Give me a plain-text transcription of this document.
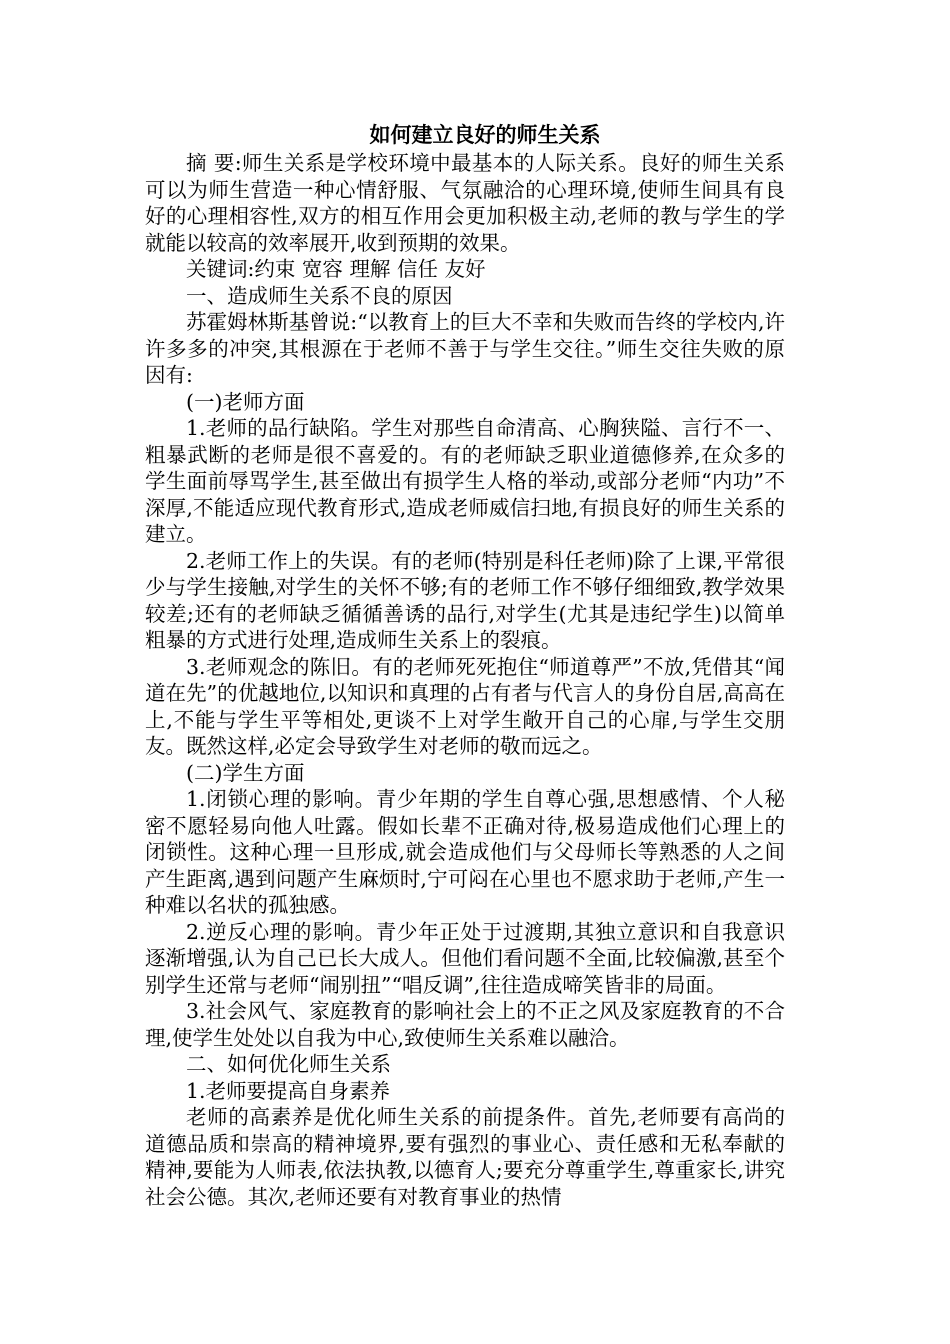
如何建立良好的师生关系

摘 要:师生关系是学校环境中最基本的人际关系。良好的师生关系可以为师生营造一种心情舒服、气氛融洽的心理环境,使师生间具有良好的心理相容性,双方的相互作用会更加积极主动,老师的教与学生的学就能以较高的效率展开,收到预期的效果。

关键词:约束 宽容 理解 信任 友好

一、造成师生关系不良的原因

苏霍姆林斯基曾说:“以教育上的巨大不幸和失败而告终的学校内,许许多多的冲突,其根源在于老师不善于与学生交往。”师生交往失败的原因有:

(一)老师方面

1.老师的品行缺陷。学生对那些自命清高、心胸狭隘、言行不一、粗暴武断的老师是很不喜爱的。有的老师缺乏职业道德修养,在众多的学生面前辱骂学生,甚至做出有损学生人格的举动,或部分老师“内功”不深厚,不能适应现代教育形式,造成老师威信扫地,有损良好的师生关系的建立。

2.老师工作上的失误。有的老师(特别是科任老师)除了上课,平常很少与学生接触,对学生的关怀不够;有的老师工作不够仔细细致,教学效果较差;还有的老师缺乏循循善诱的品行,对学生(尤其是违纪学生)以简单粗暴的方式进行处理,造成师生关系上的裂痕。

3.老师观念的陈旧。有的老师死死抱住“师道尊严”不放,凭借其“闻道在先”的优越地位,以知识和真理的占有者与代言人的身份自居,高高在上,不能与学生平等相处,更谈不上对学生敞开自己的心扉,与学生交朋友。既然这样,必定会导致学生对老师的敬而远之。

(二)学生方面

1.闭锁心理的影响。青少年期的学生自尊心强,思想感情、个人秘密不愿轻易向他人吐露。假如长辈不正确对待,极易造成他们心理上的闭锁性。这种心理一旦形成,就会造成他们与父母师长等熟悉的人之间产生距离,遇到问题产生麻烦时,宁可闷在心里也不愿求助于老师,产生一种难以名状的孤独感。

2.逆反心理的影响。青少年正处于过渡期,其独立意识和自我意识逐渐增强,认为自己已长大成人。但他们看问题不全面,比较偏激,甚至个别学生还常与老师“闹别扭”“唱反调”,往往造成啼笑皆非的局面。

3.社会风气、家庭教育的影响社会上的不正之风及家庭教育的不合理,使学生处处以自我为中心,致使师生关系难以融洽。

二、如何优化师生关系

1.老师要提高自身素养

老师的高素养是优化师生关系的前提条件。首先,老师要有高尚的道德品质和崇高的精神境界,要有强烈的事业心、责任感和无私奉献的精神,要能为人师表,依法执教,以德育人;要充分尊重学生,尊重家长,讲究社会公德。其次,老师还要有对教育事业的热情
